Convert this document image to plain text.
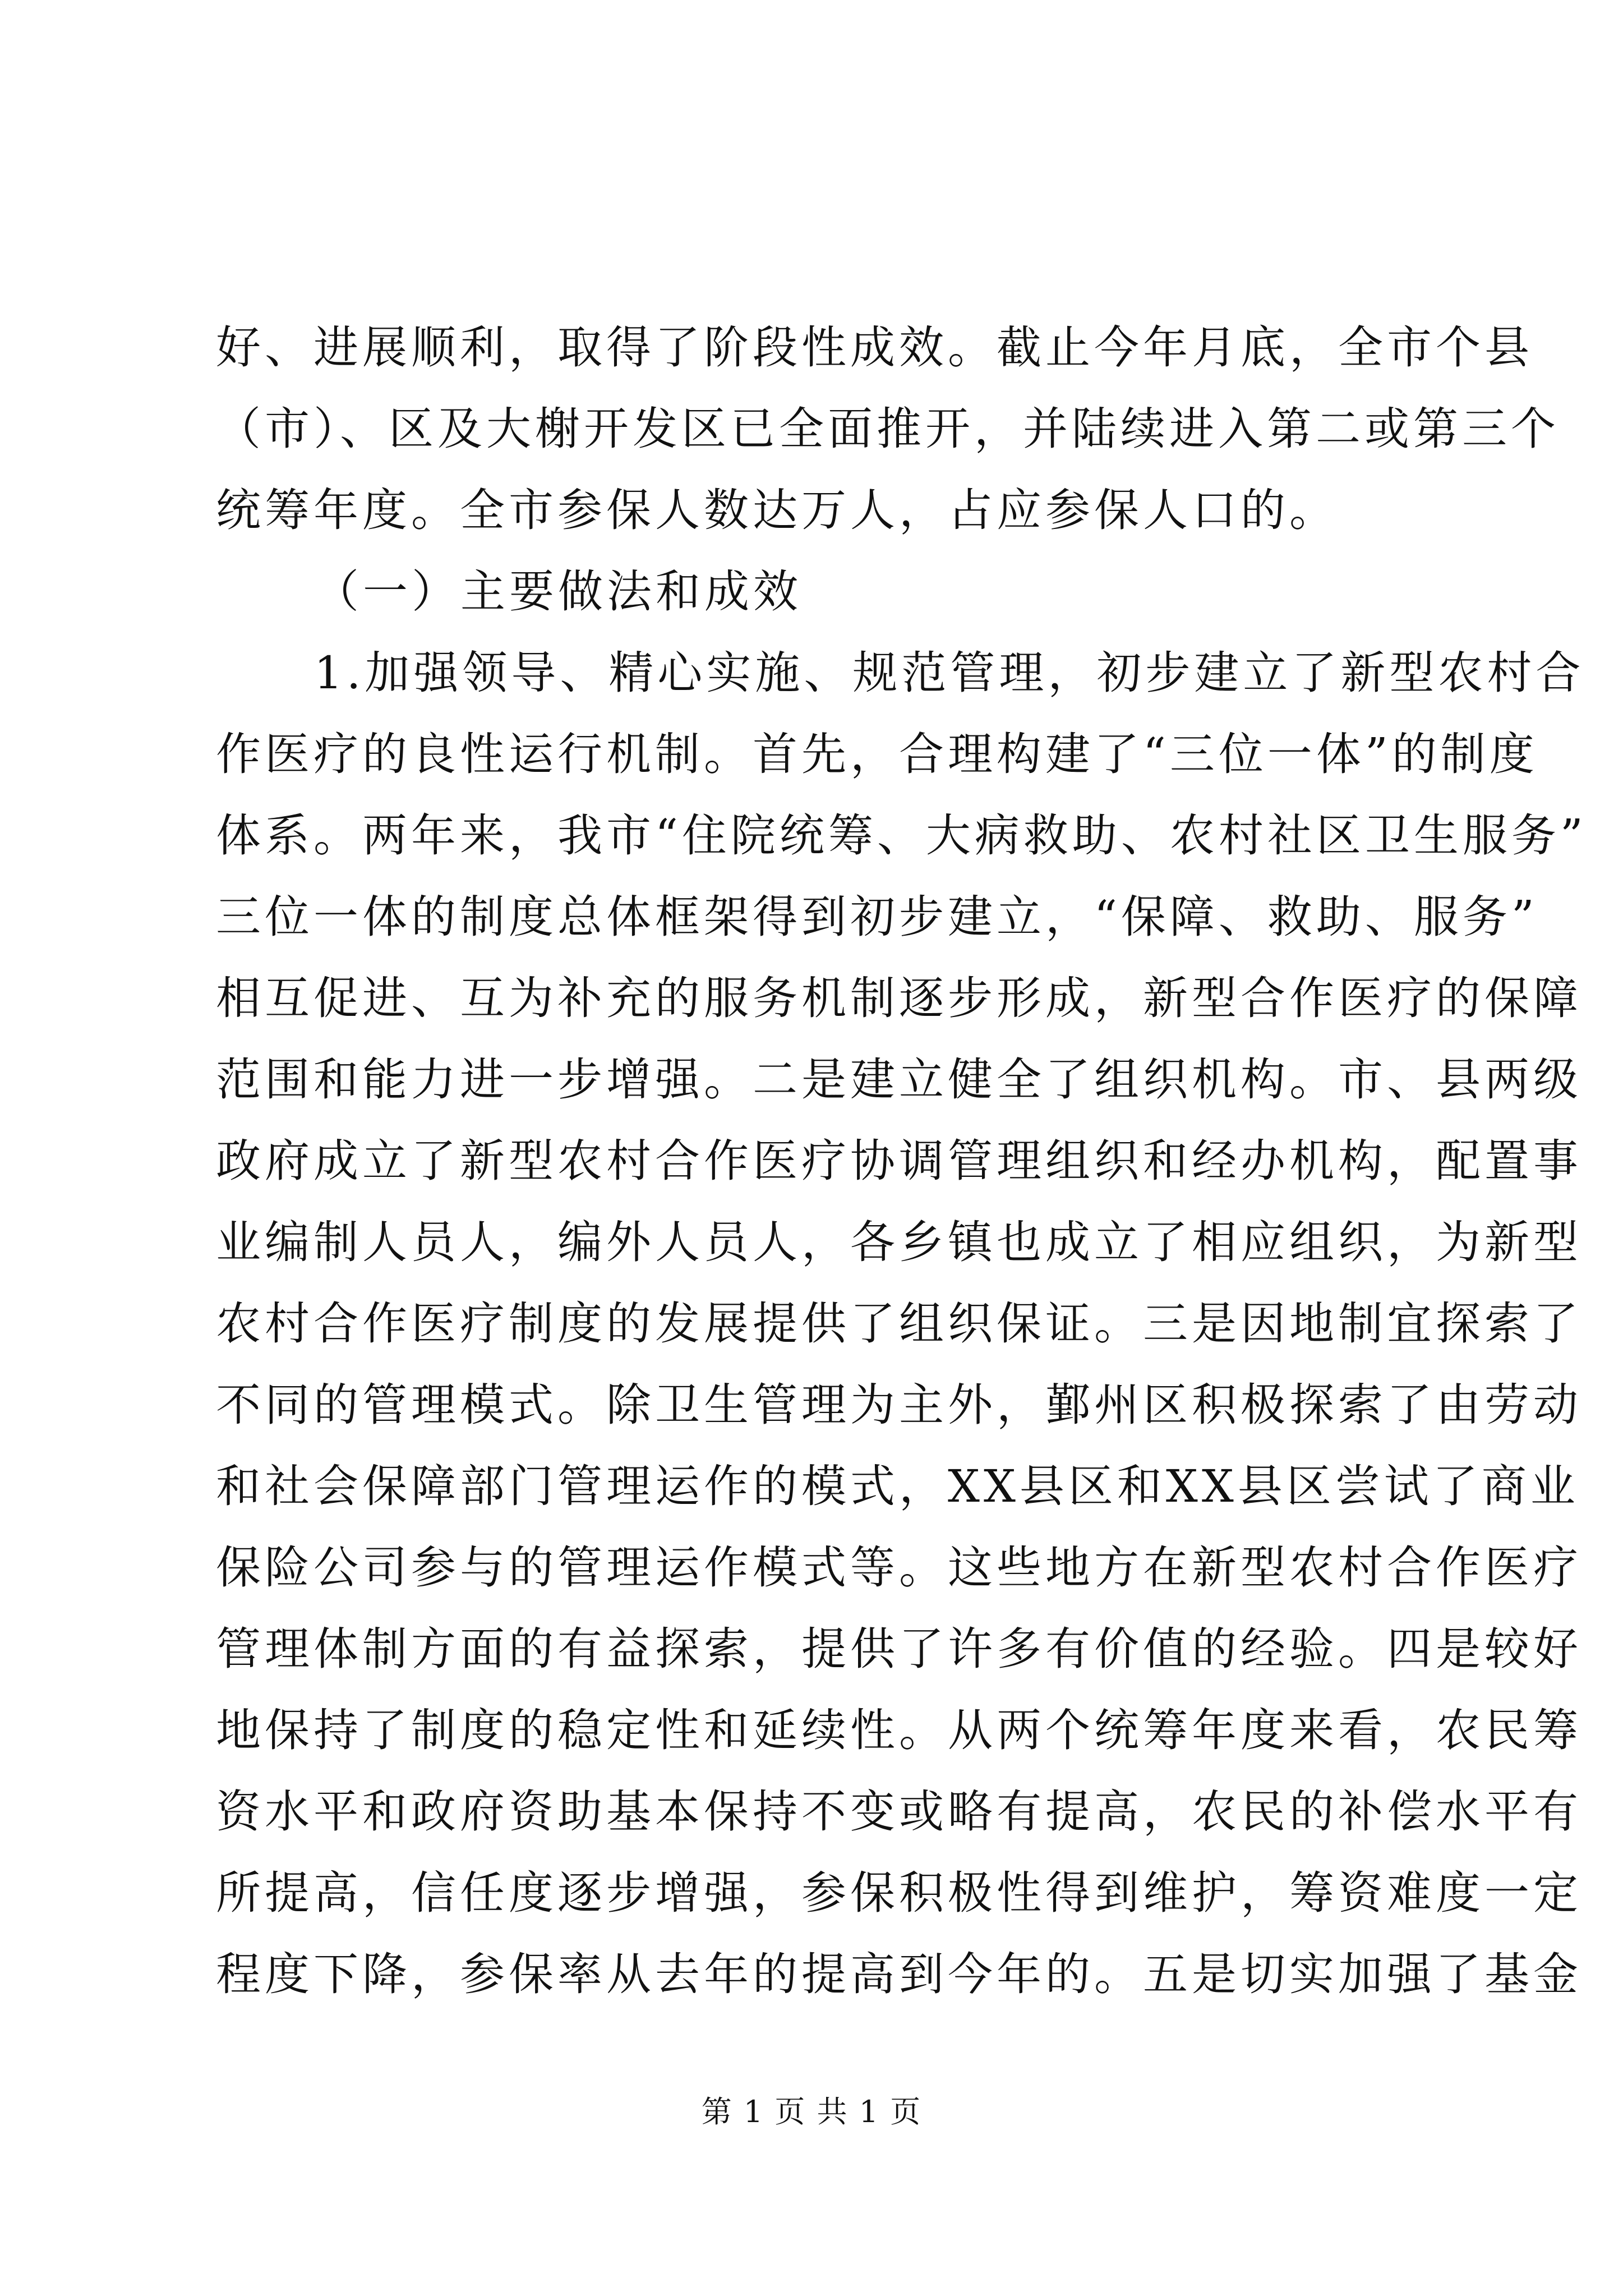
好、进展顺利，取得了阶段性成效。截止今年月底，全市个县
（市）、区及大榭开发区已全面推开，并陆续进入第二或第三个
统筹年度。全市参保人数达万人，占应参保人口的。
（一）主要做法和成效
1.加强领导、精心实施、规范管理，初步建立了新型农村合
作医疗的良性运行机制。首先，合理构建了“三位一体”的制度
体系。两年来，我市“住院统筹、大病救助、农村社区卫生服务”
三位一体的制度总体框架得到初步建立，“保障、救助、服务”
相互促进、互为补充的服务机制逐步形成，新型合作医疗的保障
范围和能力进一步增强。二是建立健全了组织机构。市、县两级
政府成立了新型农村合作医疗协调管理组织和经办机构，配置事
业编制人员人，编外人员人，各乡镇也成立了相应组织，为新型
农村合作医疗制度的发展提供了组织保证。三是因地制宜探索了
不同的管理模式。除卫生管理为主外，鄞州区积极探索了由劳动
和社会保障部门管理运作的模式，XX县区和XX县区尝试了商业
保险公司参与的管理运作模式等。这些地方在新型农村合作医疗
管理体制方面的有益探索，提供了许多有价值的经验。四是较好
地保持了制度的稳定性和延续性。从两个统筹年度来看，农民筹
资水平和政府资助基本保持不变或略有提高，农民的补偿水平有
所提高，信任度逐步增强，参保积极性得到维护，筹资难度一定
程度下降，参保率从去年的提高到今年的。五是切实加强了基金
第 1 页 共 1 页
